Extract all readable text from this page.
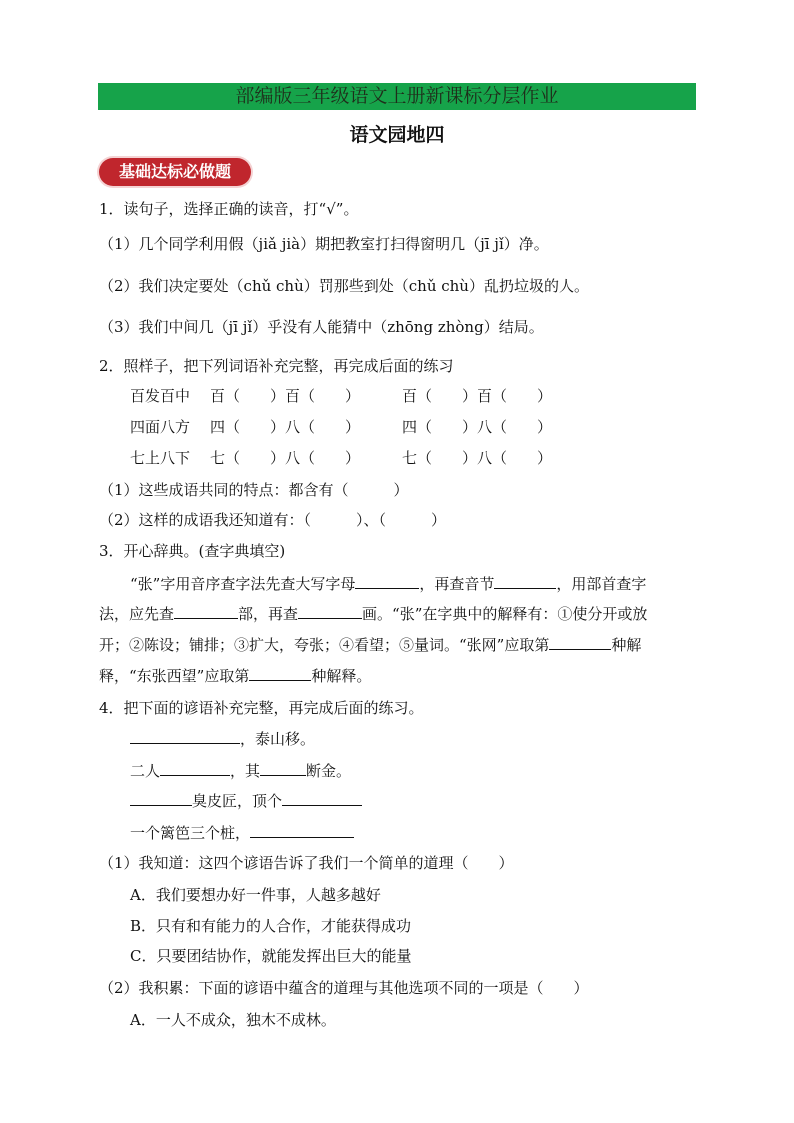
部编版三年级语文上册新课标分层作业
语文园地四
基础达标必做题
1．读句子，选择正确的读音，打“√”。
（1）几个同学利用假（jiǎ jià）期把教室打扫得窗明几（jī jǐ）净。
（2）我们决定要处（chǔ chù）罚那些到处（chǔ chù）乱扔垃圾的人。
（3）我们中间几（jī jǐ）乎没有人能猜中（zhōng zhòng）结局。
2．照样子，把下列词语补充完整，再完成后面的练习
百发百中 百（　　）百（　　）	百（　　）百（　　）
四面八方 四（　　）八（　　）	四（　　）八（　　）
七上八下 七（　　）八（　　）	七（　　）八（　　）
（1）这些成语共同的特点：都含有（　　　）
（2）这样的成语我还知道有：（　　　）、（　　　）
3．开心辞典。(查字典填空)
“张”字用音序查字法先查大写字母	，再查音节	，用部首查字
法，应先查	部，再查	画。“张”在字典中的解释有：①使分开或放
开；②陈设；铺排；③扩大，夸张；④看望；⑤量词。“张网”应取第	种解
释，“东张西望”应取第	种解释。
4．把下面的谚语补充完整，再完成后面的练习。
，泰山移。
二人	，其	断金。
臭皮匠，顶个
一个篱笆三个桩，
（1）我知道：这四个谚语告诉了我们一个简单的道理（　　）
A．我们要想办好一件事，人越多越好
B．只有和有能力的人合作，才能获得成功
C．只要团结协作，就能发挥出巨大的能量
（2）我积累：下面的谚语中蕴含的道理与其他选项不同的一项是（　　）
A．一人不成众，独木不成林。
